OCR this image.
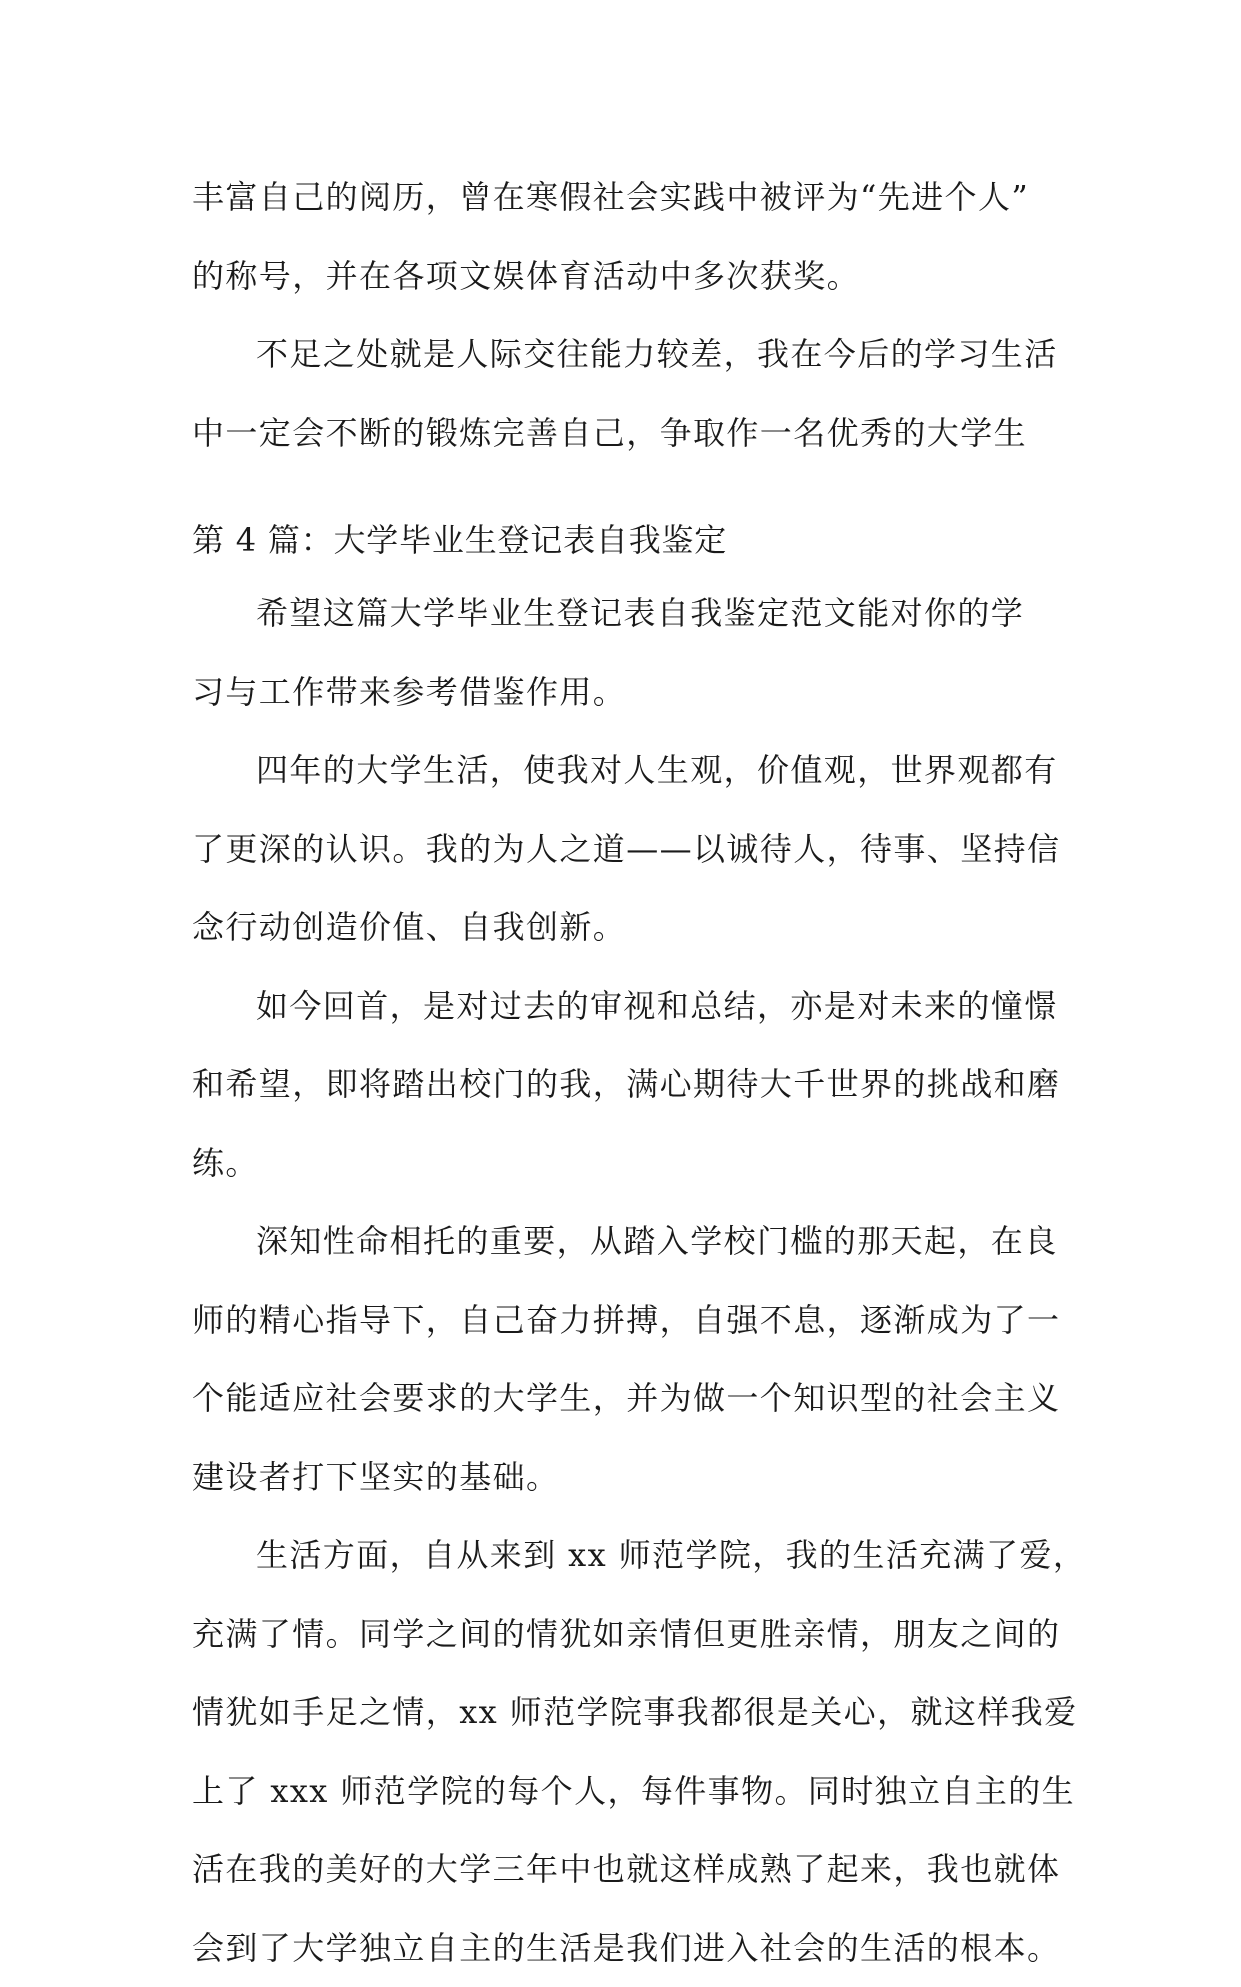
丰富自己的阅历，曾在寒假社会实践中被评为“先进个人”
的称号，并在各项文娱体育活动中多次获奖。
不足之处就是人际交往能力较差，我在今后的学习生活
中一定会不断的锻炼完善自己，争取作一名优秀的大学生
第 4 篇：大学毕业生登记表自我鉴定
希望这篇大学毕业生登记表自我鉴定范文能对你的学
习与工作带来参考借鉴作用。
四年的大学生活，使我对人生观，价值观，世界观都有
了更深的认识。我的为人之道——以诚待人，待事、坚持信
念行动创造价值、自我创新。
如今回首，是对过去的审视和总结，亦是对未来的憧憬
和希望，即将踏出校门的我，满心期待大千世界的挑战和磨
练。
深知性命相托的重要，从踏入学校门槛的那天起，在良
师的精心指导下，自己奋力拼搏，自强不息，逐渐成为了一
个能适应社会要求的大学生，并为做一个知识型的社会主义
建设者打下坚实的基础。
生活方面，自从来到 xx 师范学院，我的生活充满了爱，
充满了情。同学之间的情犹如亲情但更胜亲情，朋友之间的
情犹如手足之情，xx 师范学院事我都很是关心，就这样我爱
上了 xxx 师范学院的每个人，每件事物。同时独立自主的生
活在我的美好的大学三年中也就这样成熟了起来，我也就体
会到了大学独立自主的生活是我们进入社会的生活的根本。
